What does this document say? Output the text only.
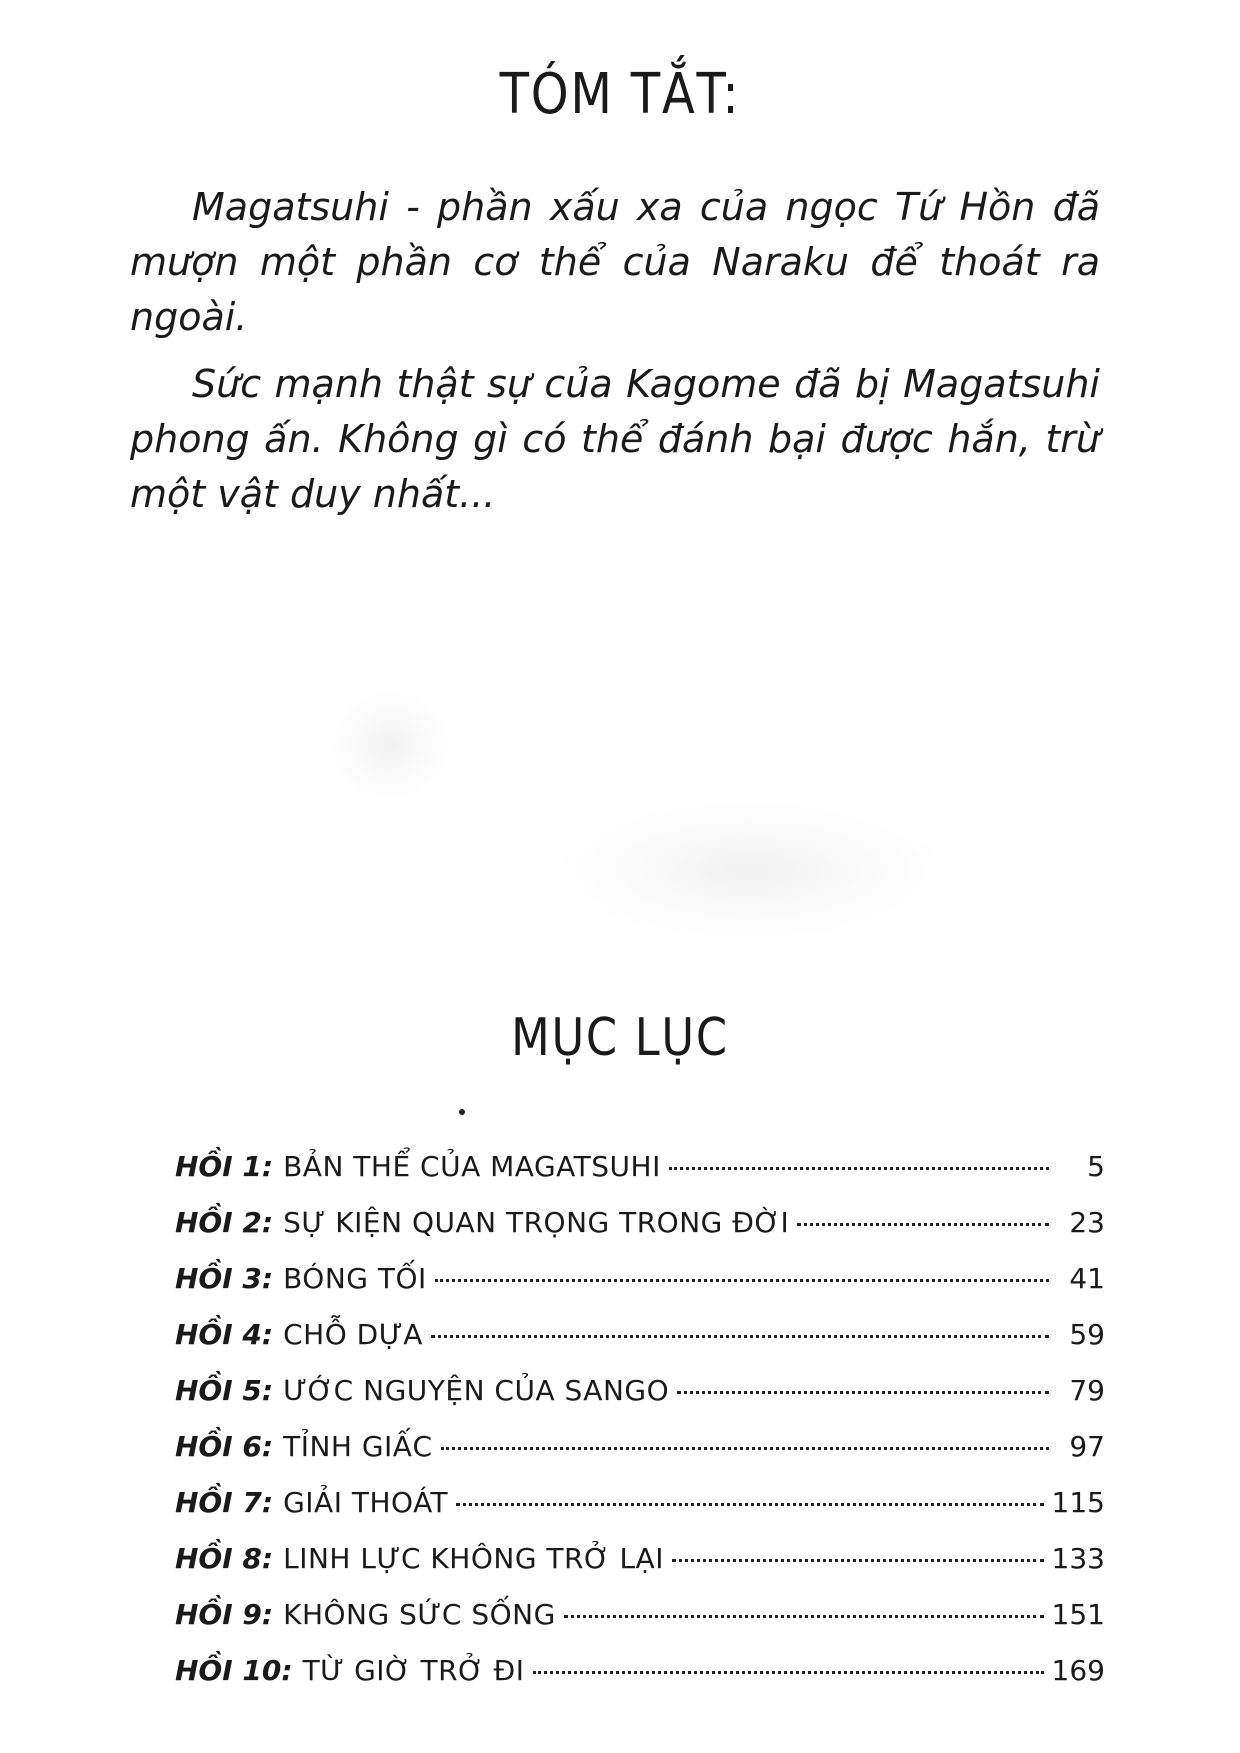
TÓM TẮT:

Magatsuhi - phần xấu xa của ngọc Tứ Hồn đã mượn một phần cơ thể của Naraku để thoát ra ngoài.

Sức mạnh thật sự của Kagome đã bị Magatsuhi phong ấn. Không gì có thể đánh bại được hắn, trừ một vật duy nhất...

MỤC LỤC
HỒI 1: BẢN THỂ CỦA MAGATSUHI	5
HỒI 2: SỰ KIỆN QUAN TRỌNG TRONG ĐỜI	23
HỒI 3: BÓNG TỐI	41
HỒI 4: CHỖ DỰA	59
HỒI 5: ƯỚC NGUYỆN CỦA SANGO	79
HỒI 6: TỈNH GIẤC	97
HỒI 7: GIẢI THOÁT	115
HỒI 8: LINH LỰC KHÔNG TRỞ LẠI	133
HỒI 9: KHÔNG SỨC SỐNG	151
HỒI 10: TỪ GIỜ TRỞ ĐI	169
